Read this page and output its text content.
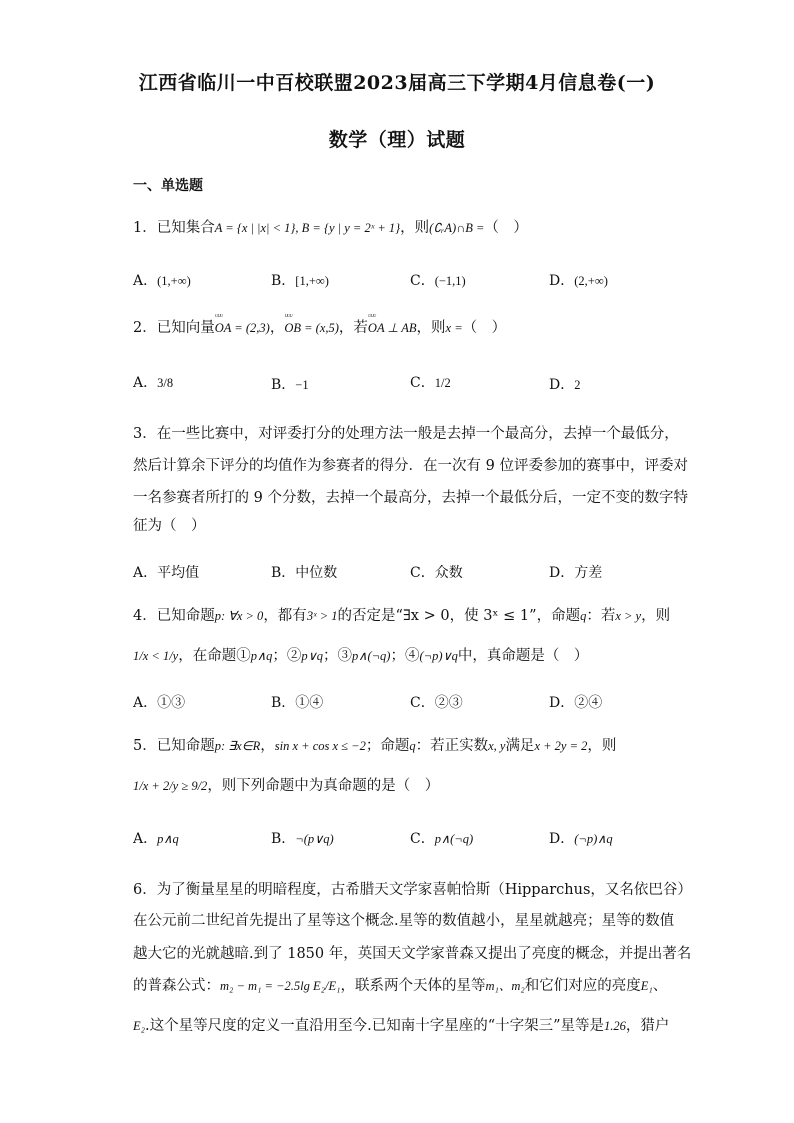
江西省临川一中百校联盟2023届高三下学期4月信息卷(一)
数学（理）试题
一、单选题
1．已知集合A = {x | |x| < 1}, B = {y | y = 2ˣ + 1}，则(∁ᵣA)∩B =（　）
A．(1,+∞)	B．[1,+∞)	C．(−1,1)	D．(2,+∞)
2．已知向量ᵁᵁᵁ OA = (2,3)，ᵁᵁᵁ OB = (x,5)，若ᵁᵁᵁ OA ⊥ AB，则x =（　）
A．3/8	B．−1	C．1/2	D．2
3．在一些比赛中，对评委打分的处理方法一般是去掉一个最高分，去掉一个最低分，
然后计算余下评分的均值作为参赛者的得分．在一次有 9 位评委参加的赛事中，评委对
一名参赛者所打的 9 个分数，去掉一个最高分，去掉一个最低分后，一定不变的数字特
征为（　）
A．平均值	B．中位数	C．众数	D．方差
4．已知命题p: ∀x > 0，都有3ˣ > 1的否定是“∃x > 0，使 3ˣ ≤ 1”，命题q：若x > y，则
1/x < 1/y，在命题①p∧q；②p∨q；③p∧(¬q)；④(¬p)∨q中，真命题是（　）
A．①③	B．①④	C．②③	D．②④
5．已知命题p: ∃x∈R，sin x + cos x ≤ −2；命题q：若正实数x, y满足x + 2y = 2，则
1/x + 2/y ≥ 9/2，则下列命题中为真命题的是（　）
A．p∧q	B．¬(p∨q)	C．p∧(¬q)	D．(¬p)∧q
6．为了衡量星星的明暗程度，古希腊天文学家喜帕恰斯（Hipparchus，又名依巴谷）
在公元前二世纪首先提出了星等这个概念.星等的数值越小，星星就越亮；星等的数值
越大它的光就越暗.到了 1850 年，英国天文学家普森又提出了亮度的概念，并提出著名
的普森公式：m₂ − m₁ = −2.5lg E₂/E₁，联系两个天体的星等m₁、m₂和它们对应的亮度E₁、
E₂.这个星等尺度的定义一直沿用至今.已知南十字星座的“十字架三”星等是1.26，猎户
